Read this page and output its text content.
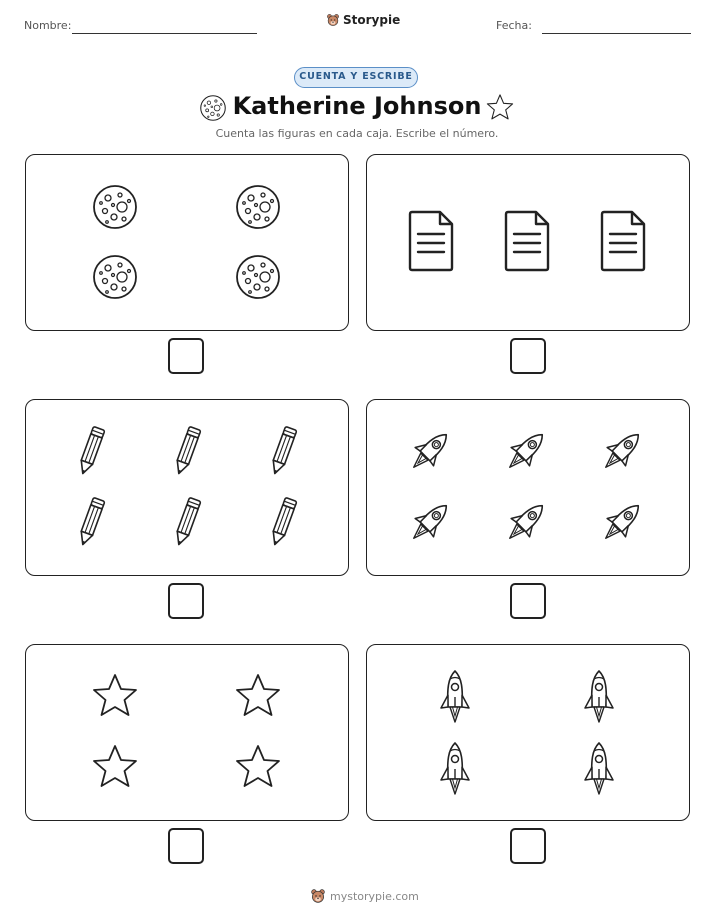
Nombre:	Storypie	Fecha:
CUENTA Y ESCRIBE
Katherine Johnson
Cuenta las figuras en cada caja. Escribe el número.
mystorypie.com
